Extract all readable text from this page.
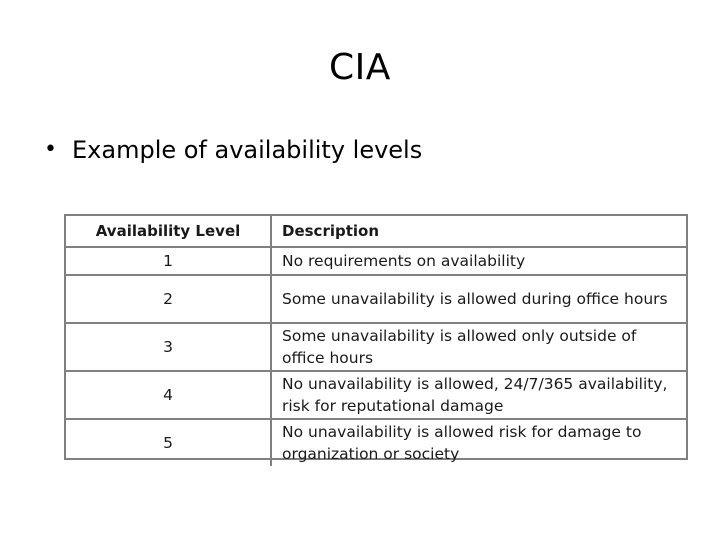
CIA
• Example of availability levels
Availability Level	Description
1	No requirements on availability
2	Some unavailability is allowed during office hours
3	Some unavailability is allowed only outside of office hours
4	No unavailability is allowed, 24/7/365 availability, risk for reputational damage
5	No unavailability is allowed risk for damage to organization or society
